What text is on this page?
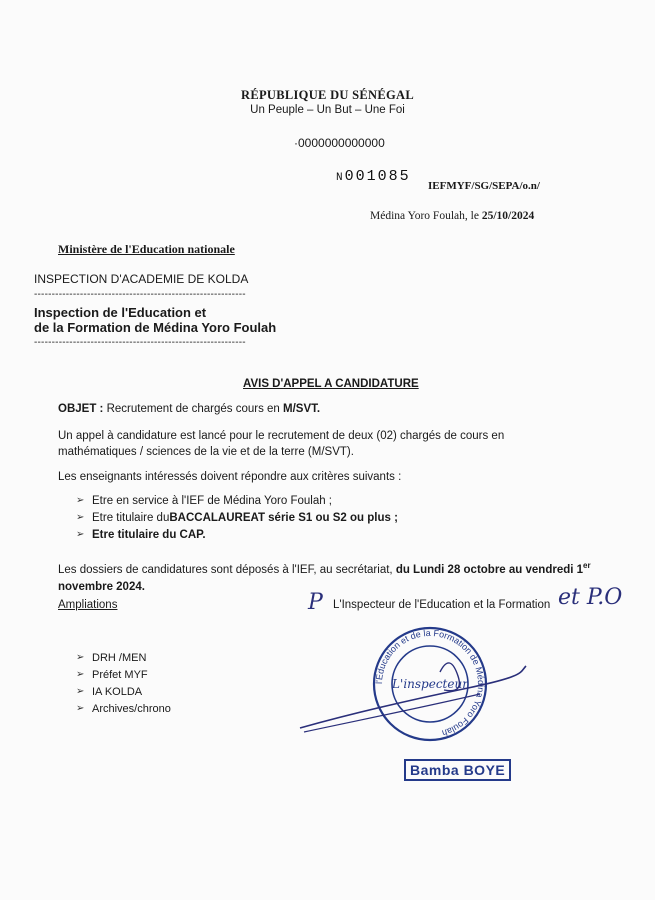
RÉPUBLIQUE DU SÉNÉGAL
Un Peuple – Un But – Une Foi
·0000000000000
N001085
IEFMYF/SG/SEPA/o.n/
Médina Yoro Foulah, le 25/10/2024
Ministère de l'Education nationale
INSPECTION D'ACADEMIE DE KOLDA
------------------------------------------------------------
Inspection de l'Education et
de la Formation de Médina Yoro Foulah
------------------------------------------------------------
AVIS D'APPEL A CANDIDATURE
OBJET : Recrutement de chargés cours en M/SVT.
Un appel à candidature est lancé pour le recrutement de deux (02) chargés de cours en mathématiques / sciences de la vie et de la terre (M/SVT).
Les enseignants intéressés doivent répondre aux critères suivants :
➢ Etre en service à l'IEF de Médina Yoro Foulah ;
➢ Etre titulaire du BACCALAUREAT série S1 ou S2 ou plus ;
➢ Etre titulaire du CAP.
Les dossiers de candidatures sont déposés à l'IEF, au secrétariat, du Lundi 28 octobre au vendredi 1er
novembre 2024.
Ampliations	P L'Inspecteur de l'Education et la Formation et P.O
➢ DRH /MEN
➢ Préfet MYF
➢ IA KOLDA
➢ Archives/chrono
l'Education et de la Formation de Médina Yoro Foulah
L'inspecteur
Bamba BOYE
